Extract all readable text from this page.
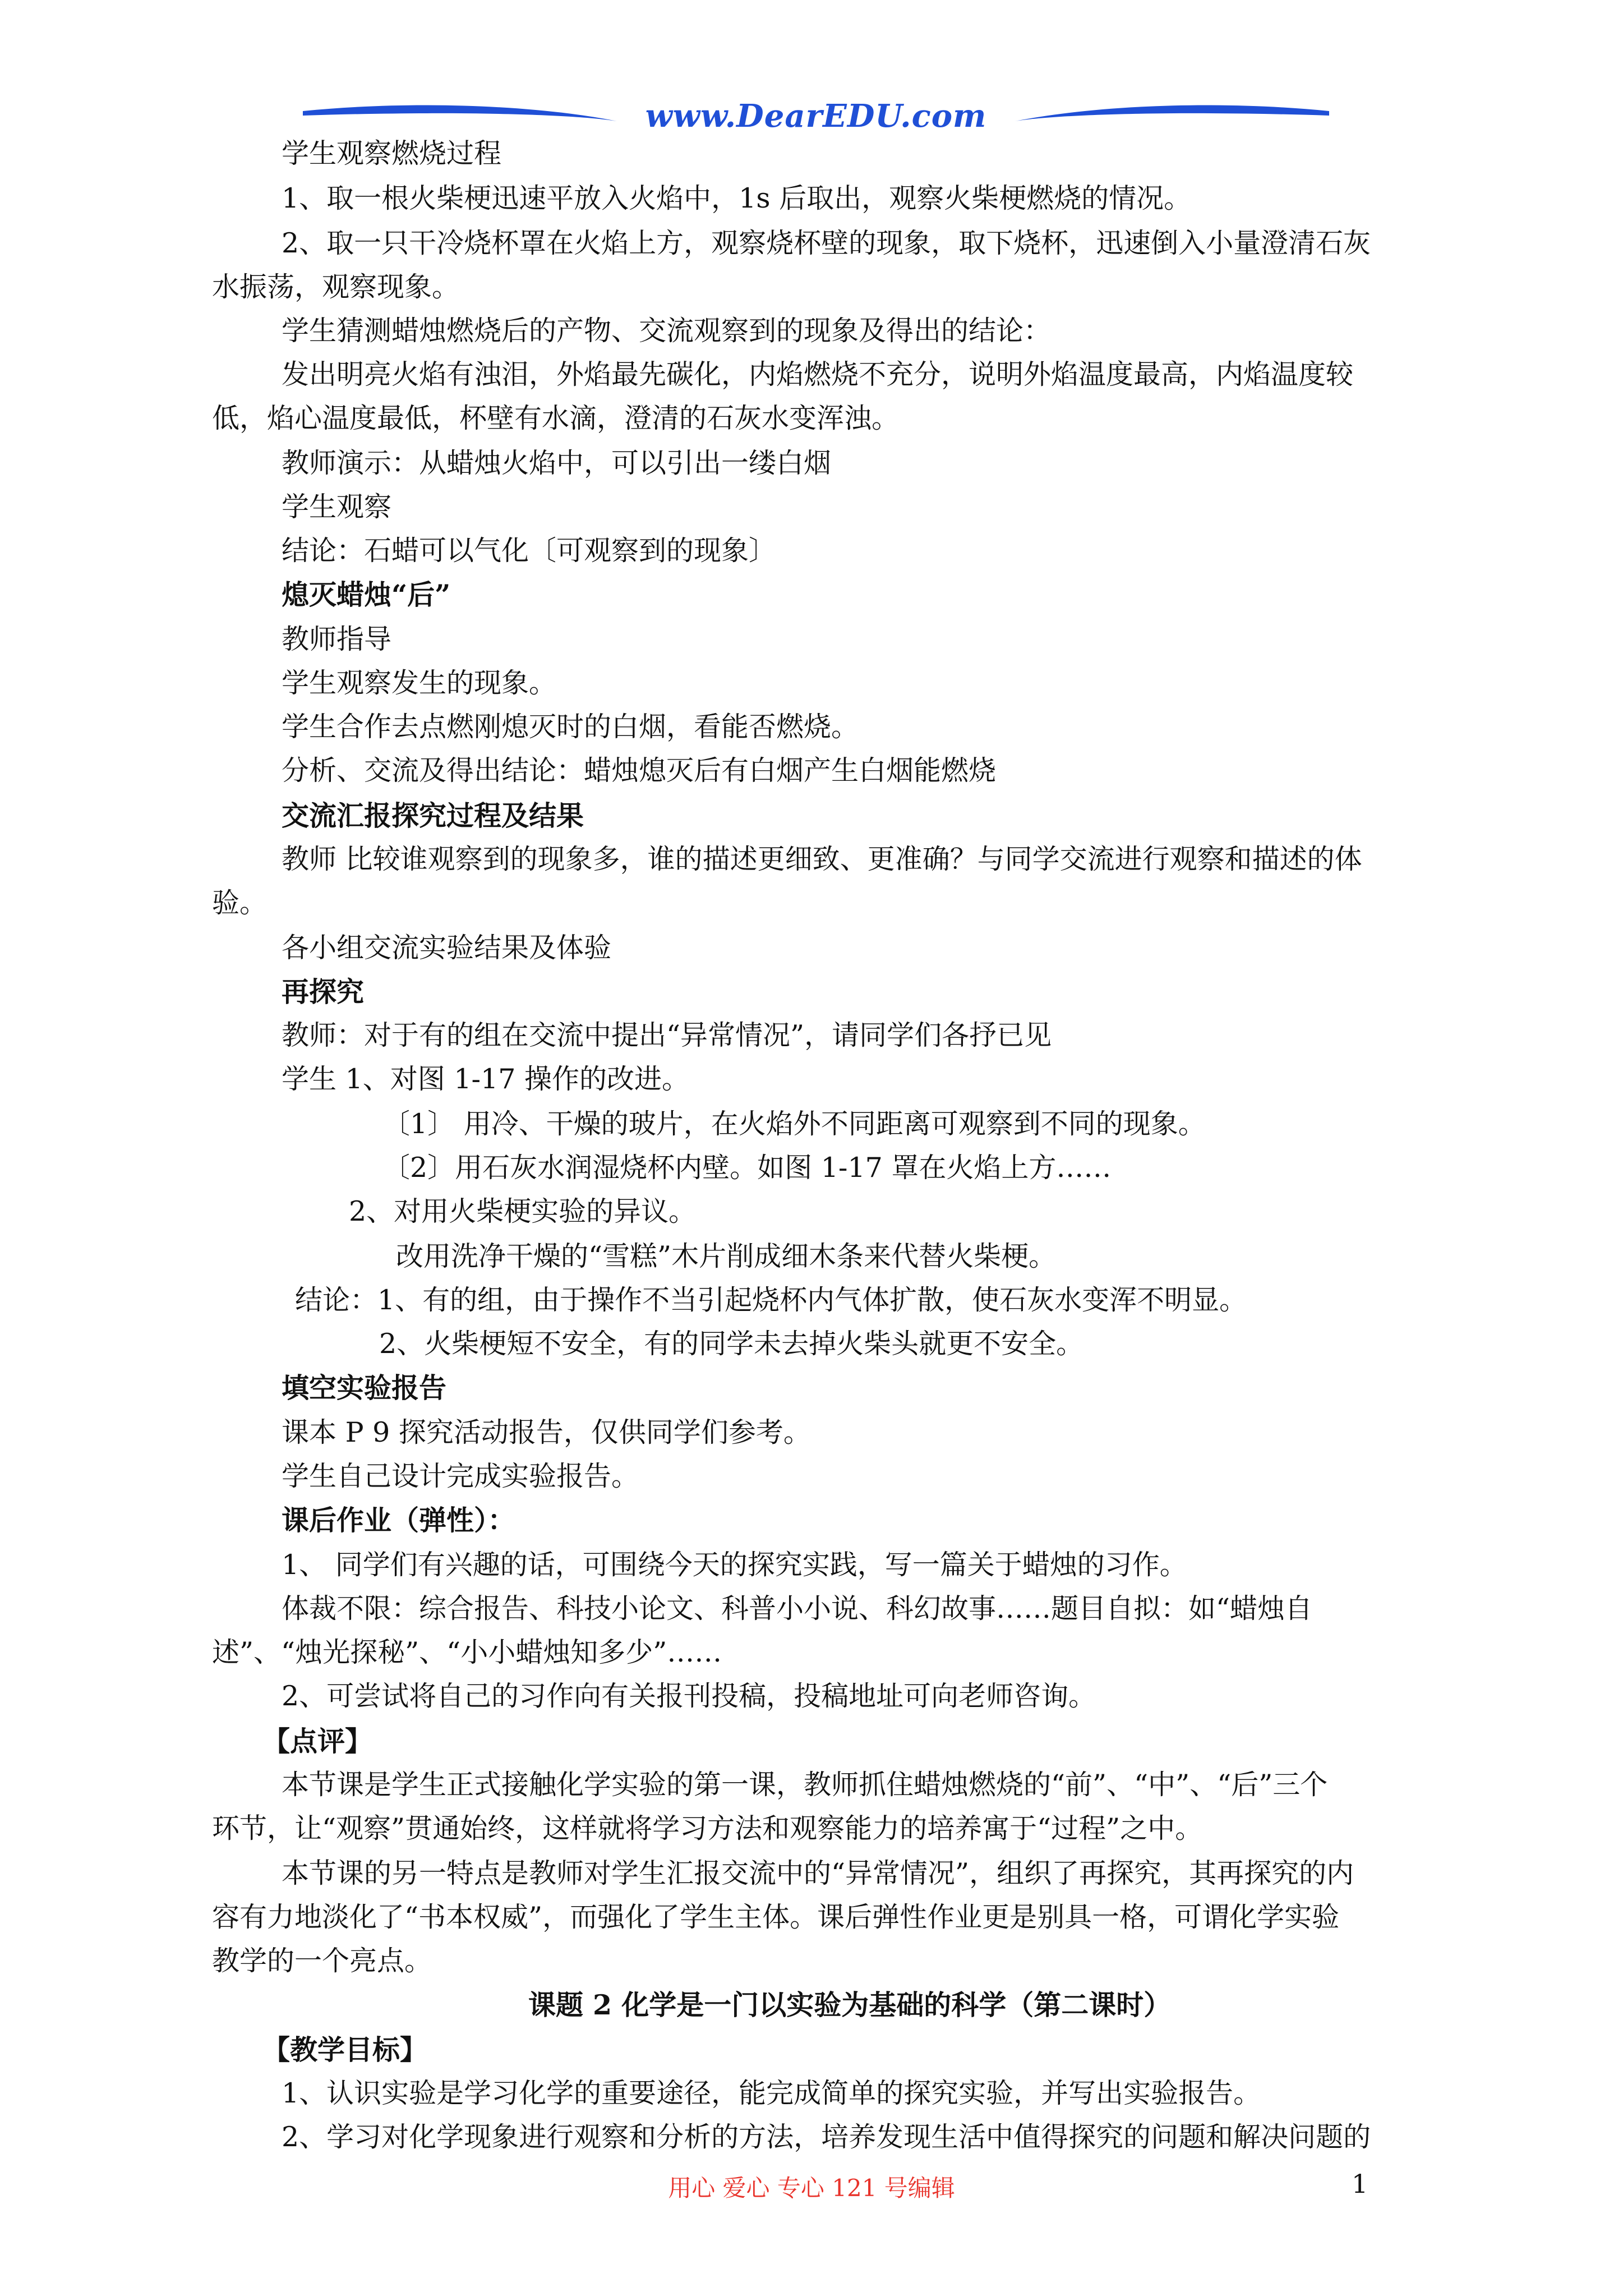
www.DearEDU.com
学生观察燃烧过程
1、取一根火柴梗迅速平放入火焰中，1s 后取出，观察火柴梗燃烧的情况。
2、取一只干冷烧杯罩在火焰上方，观察烧杯壁的现象，取下烧杯，迅速倒入小量澄清石灰
水振荡，观察现象。
学生猜测蜡烛燃烧后的产物、交流观察到的现象及得出的结论：
发出明亮火焰有浊泪，外焰最先碳化，内焰燃烧不充分，说明外焰温度最高，内焰温度较
低，焰心温度最低，杯壁有水滴，澄清的石灰水变浑浊。
教师演示：从蜡烛火焰中，可以引出一缕白烟
学生观察
结论：石蜡可以气化〔可观察到的现象〕
熄灭蜡烛“后”
教师指导
学生观察发生的现象。
学生合作去点燃刚熄灭时的白烟，看能否燃烧。
分析、交流及得出结论：蜡烛熄灭后有白烟产生白烟能燃烧
交流汇报探究过程及结果
教师 比较谁观察到的现象多，谁的描述更细致、更准确？与同学交流进行观察和描述的体
验。
各小组交流实验结果及体验
再探究
教师：对于有的组在交流中提出“异常情况”，请同学们各抒已见
学生 1、对图 1-17 操作的改进。
〔1〕 用冷、干燥的玻片，在火焰外不同距离可观察到不同的现象。
〔2〕用石灰水润湿烧杯内壁。如图 1-17 罩在火焰上方……
2、对用火柴梗实验的异议。
改用洗净干燥的“雪糕”木片削成细木条来代替火柴梗。
结论：1、有的组，由于操作不当引起烧杯内气体扩散，使石灰水变浑不明显。
2、火柴梗短不安全，有的同学未去掉火柴头就更不安全。
填空实验报告
课本 P 9 探究活动报告，仅供同学们参考。
学生自己设计完成实验报告。
课后作业（弹性）：
1、 同学们有兴趣的话，可围绕今天的探究实践，写一篇关于蜡烛的习作。
体裁不限：综合报告、科技小论文、科普小小说、科幻故事……题目自拟：如“蜡烛自
述”、“烛光探秘”、“小小蜡烛知多少”……
2、可尝试将自己的习作向有关报刊投稿，投稿地址可向老师咨询。
【点评】
本节课是学生正式接触化学实验的第一课，教师抓住蜡烛燃烧的“前”、“中”、“后”三个
环节，让“观察”贯通始终，这样就将学习方法和观察能力的培养寓于“过程”之中。
本节课的另一特点是教师对学生汇报交流中的“异常情况”，组织了再探究，其再探究的内
容有力地淡化了“书本权威”，而强化了学生主体。课后弹性作业更是别具一格，可谓化学实验
教学的一个亮点。
课题 2 化学是一门以实验为基础的科学（第二课时）
【教学目标】
1、认识实验是学习化学的重要途径，能完成简单的探究实验，并写出实验报告。
2、学习对化学现象进行观察和分析的方法，培养发现生活中值得探究的问题和解决问题的
用心 爱心 专心 121 号编辑	1
